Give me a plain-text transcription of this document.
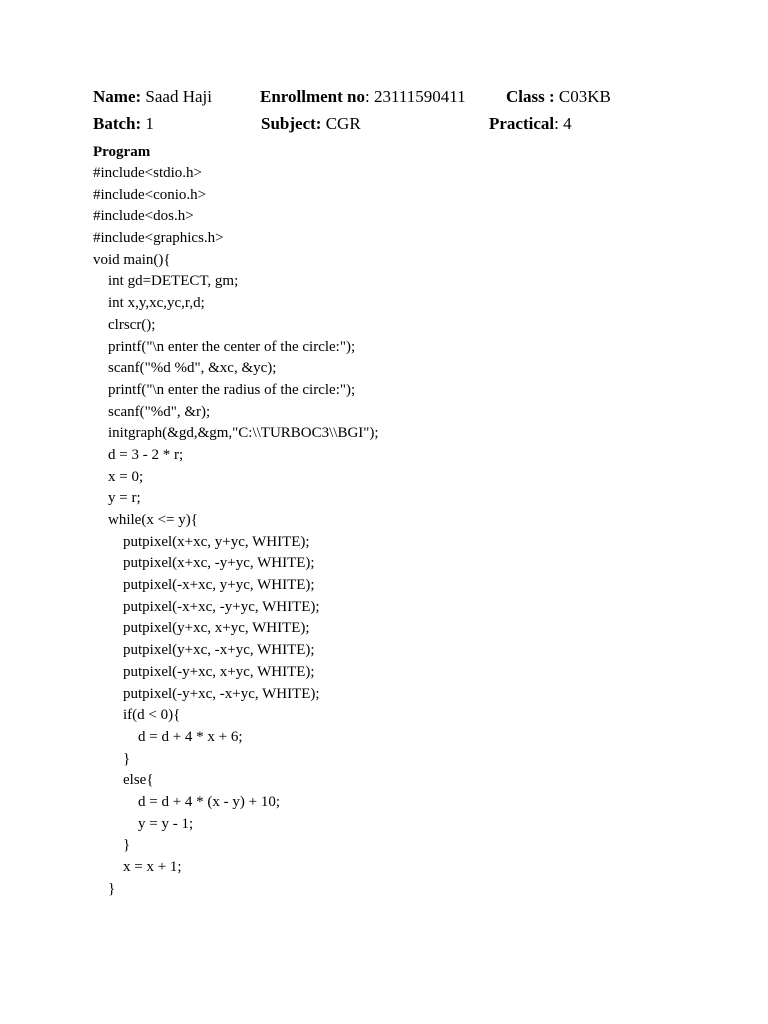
Name: Saad Haji	Enrollment no: 23111590411 Class : C03KB
Batch: 1	Subject: CGR	Practical: 4
Program
#include<stdio.h>
#include<conio.h>
#include<dos.h>
#include<graphics.h>
void main(){
int gd=DETECT, gm;
int x,y,xc,yc,r,d;
clrscr();
printf("\n enter the center of the circle:");
scanf("%d %d", &xc, &yc);
printf("\n enter the radius of the circle:");
scanf("%d", &r);
initgraph(&gd,&gm,"C:\\TURBOC3\\BGI");
d = 3 - 2 * r;
x = 0;
y = r;
while(x <= y){
putpixel(x+xc, y+yc, WHITE);
putpixel(x+xc, -y+yc, WHITE);
putpixel(-x+xc, y+yc, WHITE);
putpixel(-x+xc, -y+yc, WHITE);
putpixel(y+xc, x+yc, WHITE);
putpixel(y+xc, -x+yc, WHITE);
putpixel(-y+xc, x+yc, WHITE);
putpixel(-y+xc, -x+yc, WHITE);
if(d < 0){
d = d + 4 * x + 6;
}
else{
d = d + 4 * (x - y) + 10;
y = y - 1;
}
x = x + 1;
}
